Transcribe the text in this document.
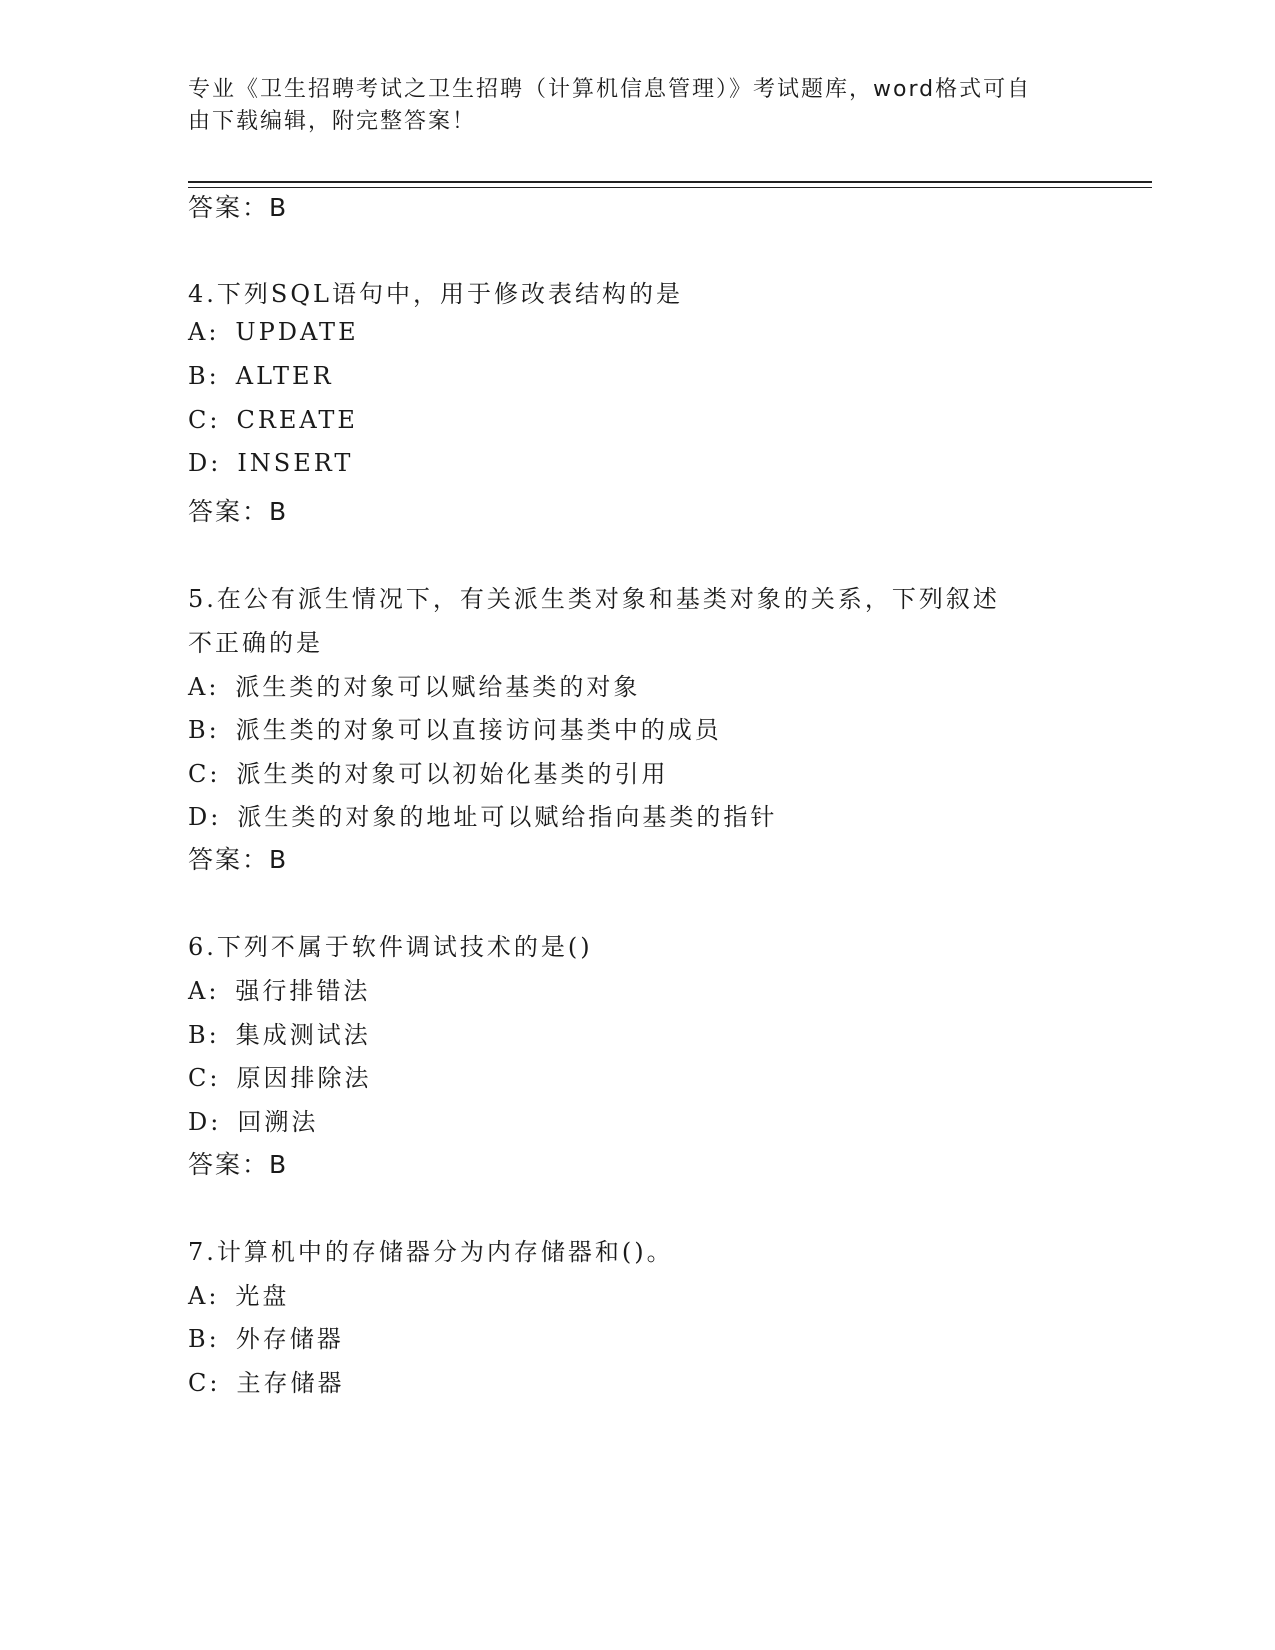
专业《卫生招聘考试之卫生招聘（计算机信息管理）》考试题库，word格式可自
由下载编辑，附完整答案！
答案：B
4.下列SQL语句中，用于修改表结构的是
A: UPDATE
B: ALTER
C: CREATE
D: INSERT
答案：B
5.在公有派生情况下，有关派生类对象和基类对象的关系，下列叙述
不正确的是
A: 派生类的对象可以赋给基类的对象
B: 派生类的对象可以直接访问基类中的成员
C: 派生类的对象可以初始化基类的引用
D: 派生类的对象的地址可以赋给指向基类的指针
答案：B
6.下列不属于软件调试技术的是()
A: 强行排错法
B: 集成测试法
C: 原因排除法
D: 回溯法
答案：B
7.计算机中的存储器分为内存储器和()。
A: 光盘
B: 外存储器
C: 主存储器
